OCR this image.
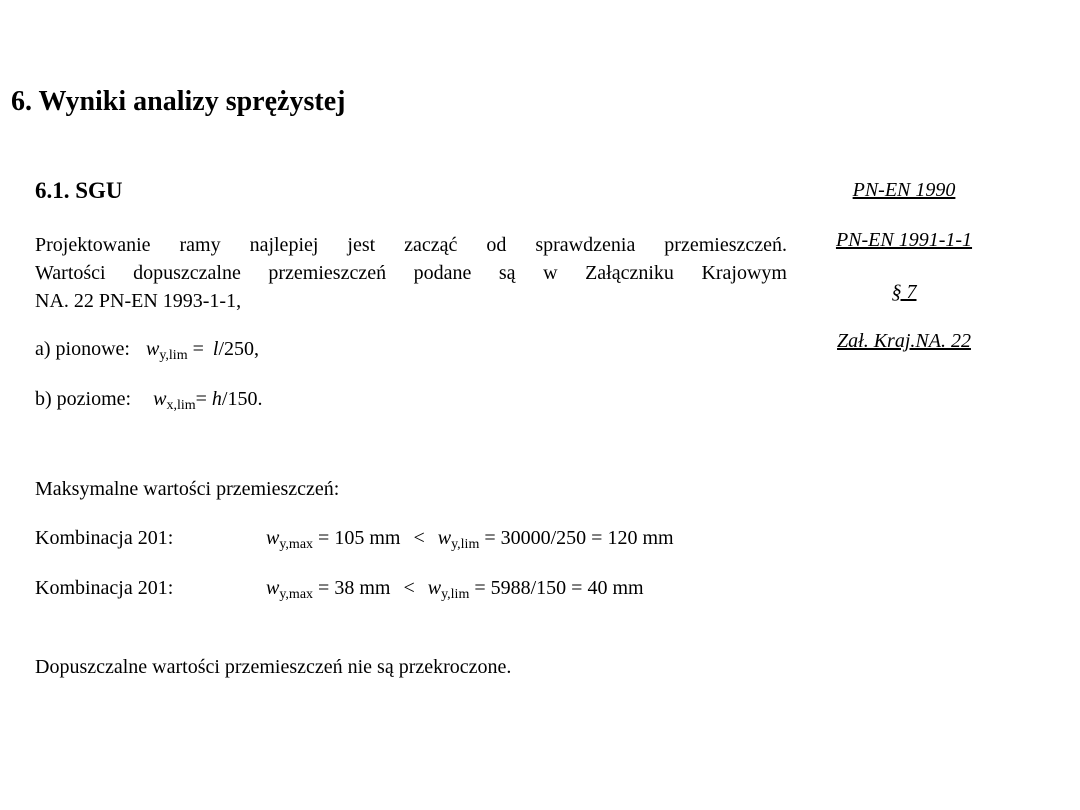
6. Wyniki analizy sprężystej
6.1. SGU
Projektowanie ramy najlepiej jest zacząć od sprawdzenia przemieszczeń.
Wartości dopuszczalne przemieszczeń podane są w Załączniku Krajowym
NA. 22 PN-EN 1993-1-1,
a) pionowe: $w_{y,lim} = l/250$,
b) poziome: $w_{x,lim}= h/150$.
Maksymalne wartości przemieszczeń:
Kombinacja 201:	$w_{y,max} = 105$ mm < $w_{y,lim} = 30000/250 = 120$ mm
Kombinacja 201:	$w_{y,max} = 38$ mm < $w_{y,lim} = 5988/150 = 40$ mm
Dopuszczalne wartości przemieszczeń nie są przekroczone.
PN-EN 1990
PN-EN 1991-1-1
§ 7
Zał. Kraj.NA. 22
